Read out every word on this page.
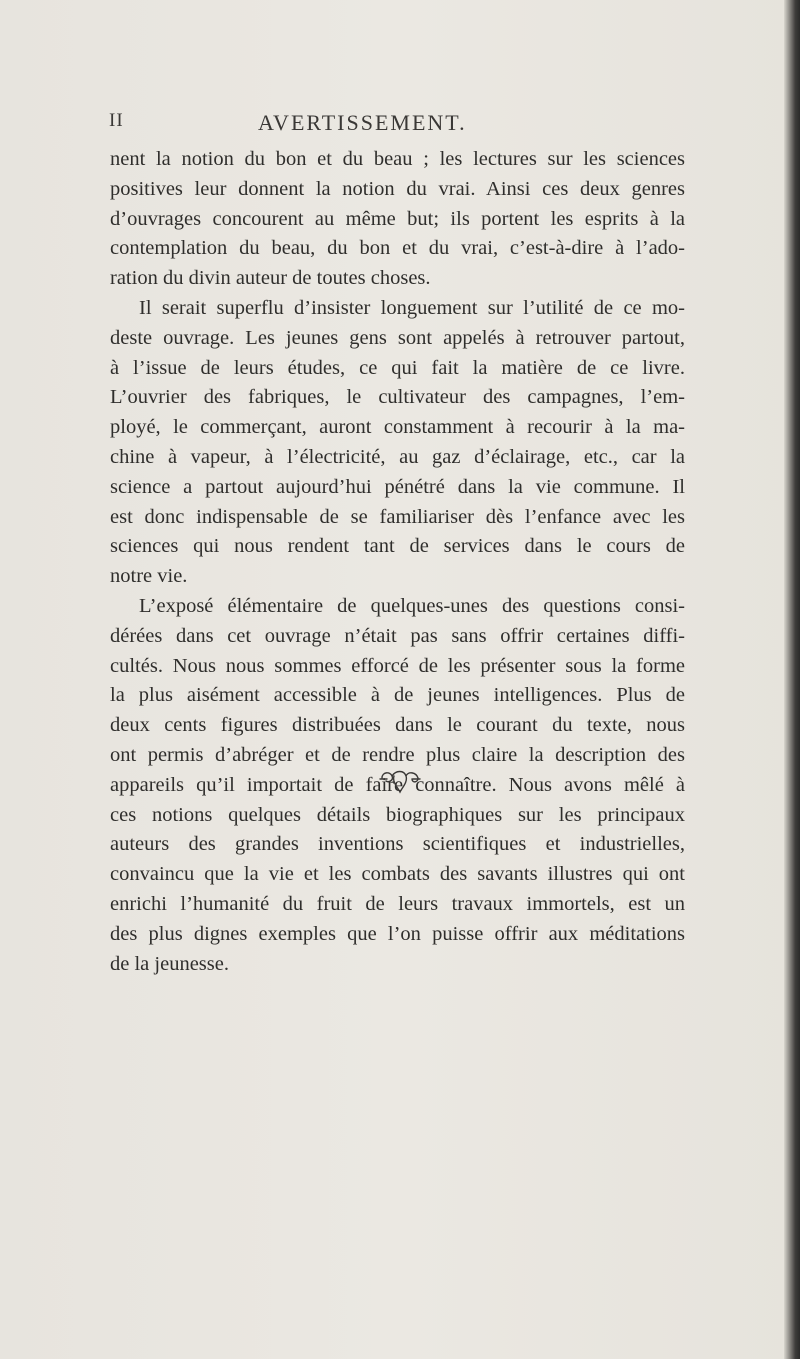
II	AVERTISSEMENT.
nent la notion du bon et du beau ; les lectures sur les sciences
positives leur donnent la notion du vrai. Ainsi ces deux genres
d’ouvrages concourent au même but; ils portent les esprits à la
contemplation du beau, du bon et du vrai, c’est-à-dire à l’ado-
ration du divin auteur de toutes choses.
Il serait superflu d’insister longuement sur l’utilité de ce mo-
deste ouvrage. Les jeunes gens sont appelés à retrouver partout,
à l’issue de leurs études, ce qui fait la matière de ce livre.
L’ouvrier des fabriques, le cultivateur des campagnes, l’em-
ployé, le commerçant, auront constamment à recourir à la ma-
chine à vapeur, à l’électricité, au gaz d’éclairage, etc., car la
science a partout aujourd’hui pénétré dans la vie commune. Il
est donc indispensable de se familiariser dès l’enfance avec les
sciences qui nous rendent tant de services dans le cours de
notre vie.
L’exposé élémentaire de quelques-unes des questions consi-
dérées dans cet ouvrage n’était pas sans offrir certaines diffi-
cultés. Nous nous sommes efforcé de les présenter sous la forme
la plus aisément accessible à de jeunes intelligences. Plus de
deux cents figures distribuées dans le courant du texte, nous
ont permis d’abréger et de rendre plus claire la description des
appareils qu’il importait de faire connaître. Nous avons mêlé à
ces notions quelques détails biographiques sur les principaux
auteurs des grandes inventions scientifiques et industrielles,
convaincu que la vie et les combats des savants illustres qui ont
enrichi l’humanité du fruit de leurs travaux immortels, est un
des plus dignes exemples que l’on puisse offrir aux méditations
de la jeunesse.
